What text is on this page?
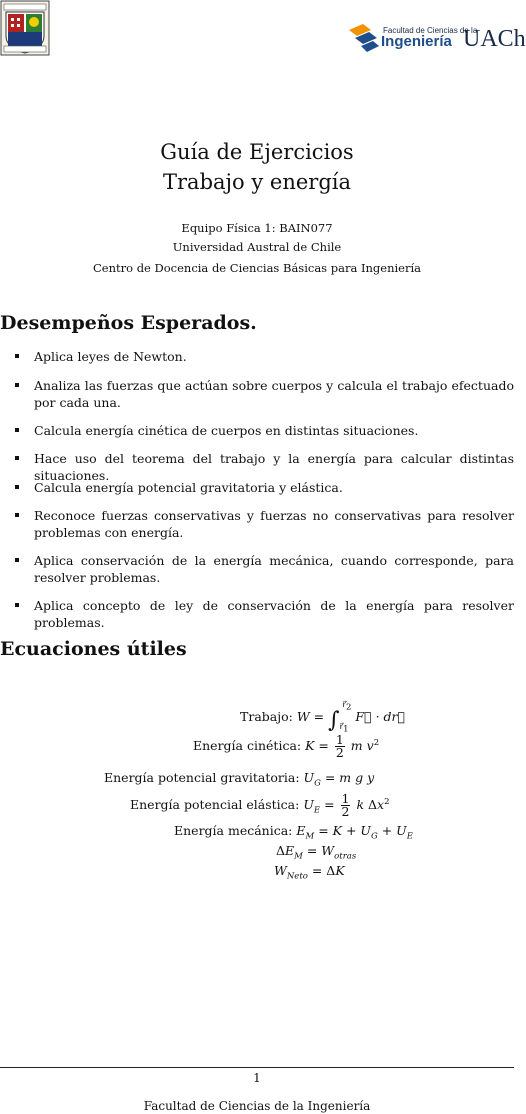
Facultad de Ciencias de la
Ingeniería UACh
Guía de Ejercicios
Trabajo y energía
Equipo Física 1: BAIN077
Universidad Austral de Chile
Centro de Docencia de Ciencias Básicas para Ingeniería
Desempeños Esperados.
Aplica leyes de Newton.
Analiza las fuerzas que actúan sobre cuerpos y calcula el trabajo efectuado por cada una.
Calcula energía cinética de cuerpos en distintas situaciones.
Hace uso del teorema del trabajo y la energía para calcular distintas situaciones.
Calcula energía potencial gravitatoria y elástica.
Reconoce fuerzas conservativas y fuerzas no conservativas para resolver problemas con energía.
Aplica conservación de la energía mecánica, cuando corresponde, para resolver problemas.
Aplica concepto de ley de conservación de la energía para resolver problemas.
Ecuaciones útiles
Trabajo: $W = \int_{r⃗_1}^{r⃗_2}$ F⃗ · dr⃗
Energía cinética: $K = \frac{1}{2}$ m $v^2$
Energía potencial gravitatoria: $U_G = m$ g y
Energía potencial elástica: $U_E = \frac{1}{2}$ k $\Delta x^2$
Energía mecánica: $E_M = K + U_G + U_E$
$\Delta E_M = W_{otras}$
$W_{Neto} = \Delta K$
1
Facultad de Ciencias de la Ingeniería
